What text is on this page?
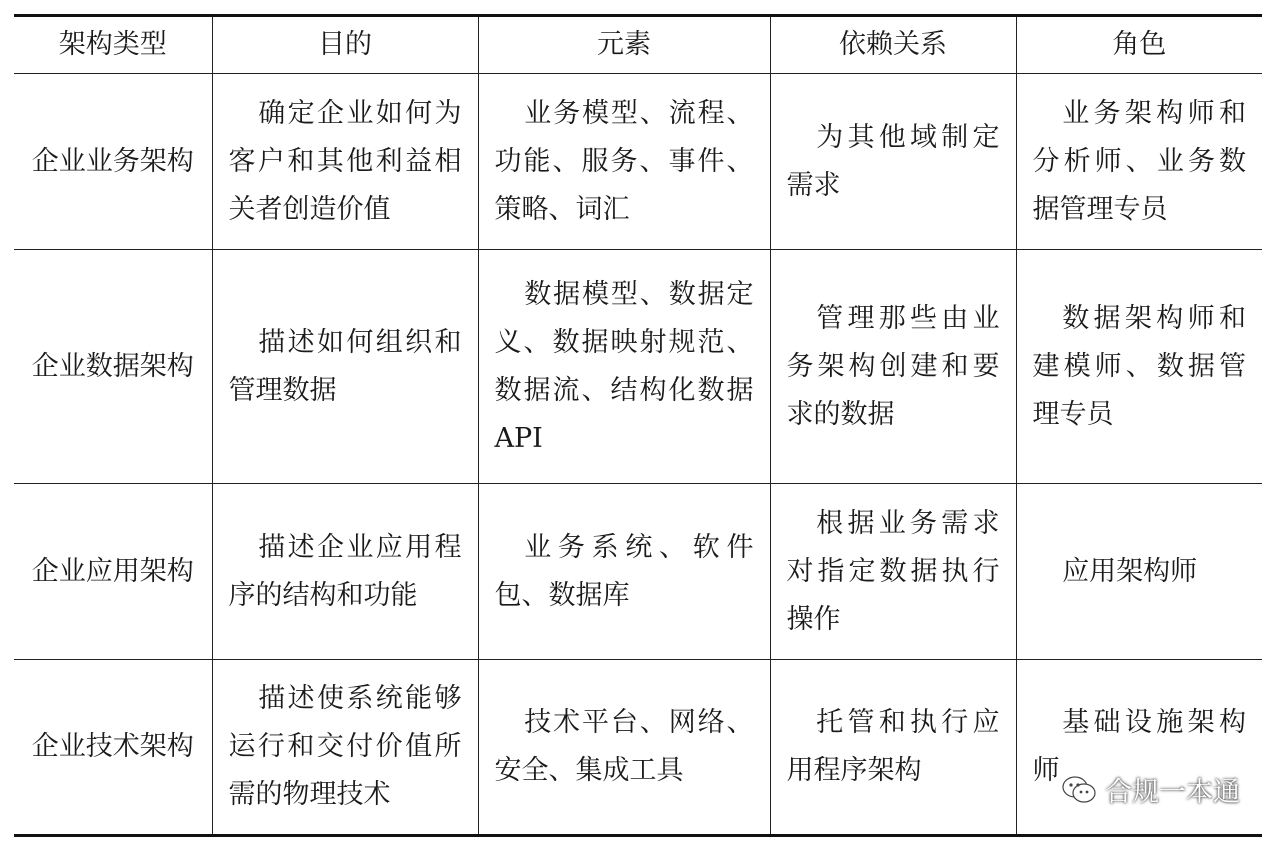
架构类型	目的	元素	依赖关系	角色
企业业务架构	确定企业如何为客户和其他利益相关者创造价值	业务模型、流程、功能、服务、事件、策略、词汇	为其他域制定需求	业务架构师和分析师、业务数据管理专员
企业数据架构	描述如何组织和管理数据	数据模型、数据定义、数据映射规范、数据流、结构化数据 API	管理那些由业务架构创建和要求的数据	数据架构师和建模师、数据管理专员
企业应用架构	描述企业应用程序的结构和功能	业务系统、软件包、数据库	根据业务需求对指定数据执行操作	应用架构师
企业技术架构	描述使系统能够运行和交付价值所需的物理技术	技术平台、网络、安全、集成工具	托管和执行应用程序架构	基础设施架构师
合规一本通
